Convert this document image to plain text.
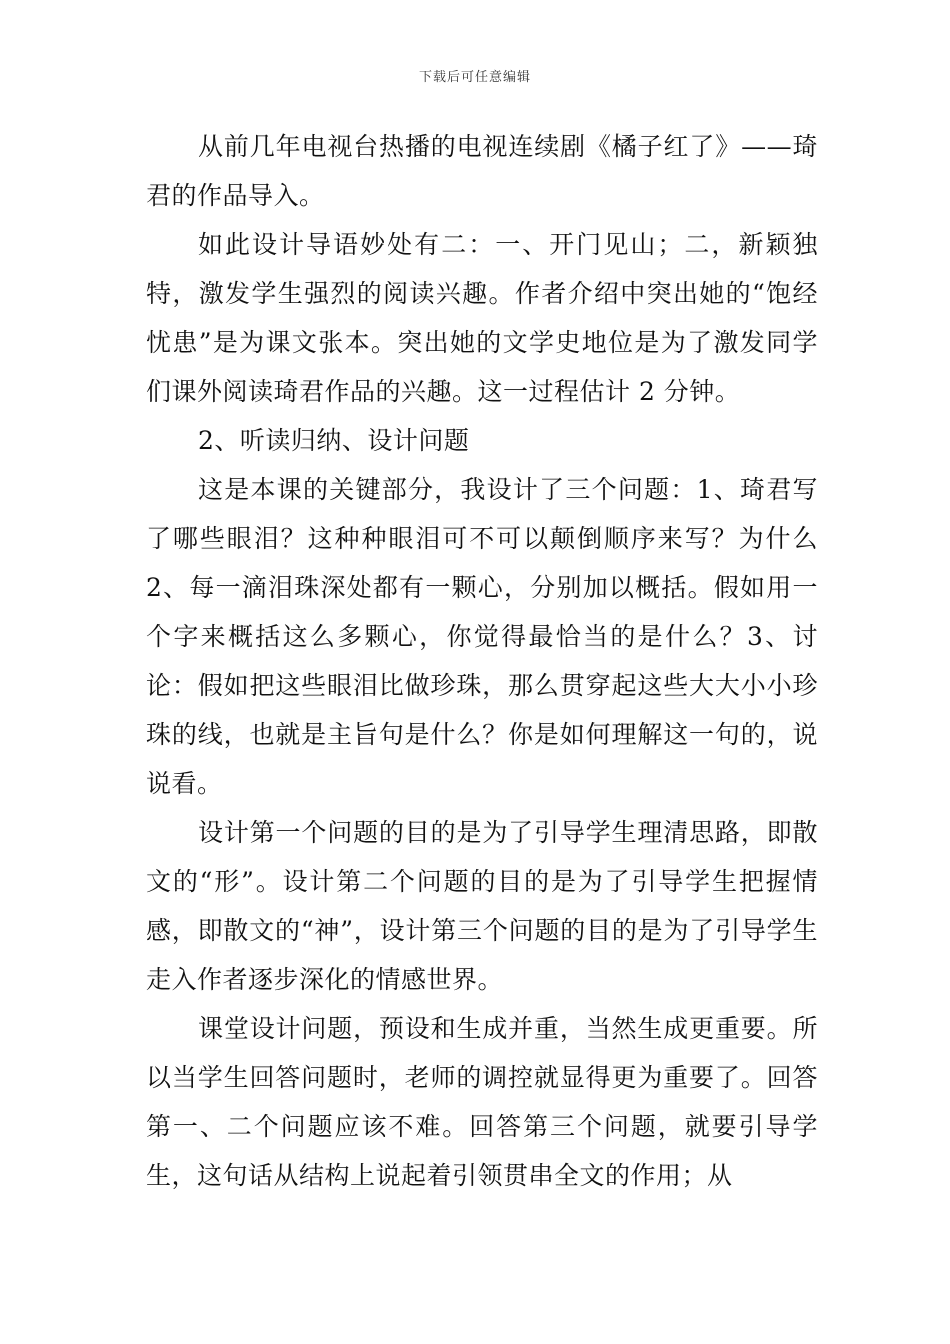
下载后可任意编辑

从前几年电视台热播的电视连续剧《橘子红了》——琦君的作品导入。

如此设计导语妙处有二：一、开门见山；二，新颖独特，激发学生强烈的阅读兴趣。作者介绍中突出她的“饱经忧患”是为课文张本。突出她的文学史地位是为了激发同学们课外阅读琦君作品的兴趣。这一过程估计 2 分钟。

2、听读归纳、设计问题

这是本课的关键部分，我设计了三个问题：1、琦君写了哪些眼泪？这种种眼泪可不可以颠倒顺序来写？为什么 2、每一滴泪珠深处都有一颗心，分别加以概括。假如用一个字来概括这么多颗心，你觉得最恰当的是什么？3、讨论：假如把这些眼泪比做珍珠，那么贯穿起这些大大小小珍珠的线，也就是主旨句是什么？你是如何理解这一句的，说说看。

设计第一个问题的目的是为了引导学生理清思路，即散文的“形”。设计第二个问题的目的是为了引导学生把握情感，即散文的“神”，设计第三个问题的目的是为了引导学生走入作者逐步深化的情感世界。

课堂设计问题，预设和生成并重，当然生成更重要。所以当学生回答问题时，老师的调控就显得更为重要了。回答第一、二个问题应该不难。回答第三个问题，就要引导学生，这句话从结构上说起着引领贯串全文的作用；从
